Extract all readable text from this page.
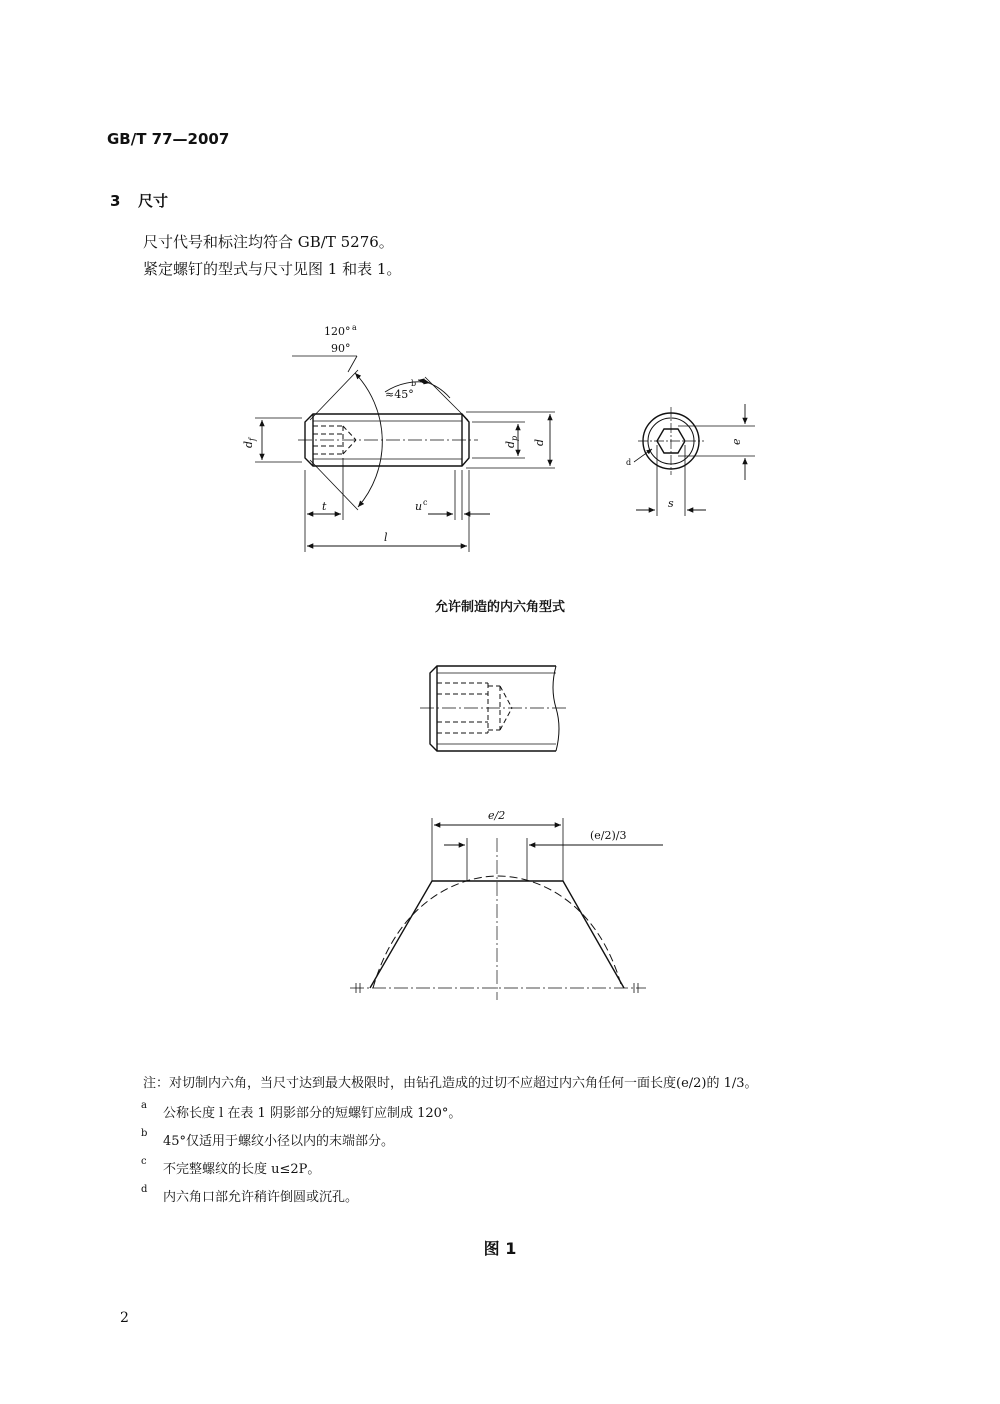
GB/T 77—2007
3 尺寸
尺寸代号和标注均符合 GB/T 5276。
紧定螺钉的型式与尺寸见图 1 和表 1。
120° a
90°
≈45°
b
$d_f$
$d_p$
d
t	u c
l
e
s
d
e/2
(e/2)/3
允许制造的内六角型式
注：对切制内六角，当尺寸达到最大极限时，由钻孔造成的过切不应超过内六角任何一面长度(e/2)的 1/3。
a
公称长度 l 在表 1 阴影部分的短螺钉应制成 120°。
b
45°仅适用于螺纹小径以内的末端部分。
c
不完整螺纹的长度 u≤2P。
d
内六角口部允许稍许倒圆或沉孔。
图 1
2
